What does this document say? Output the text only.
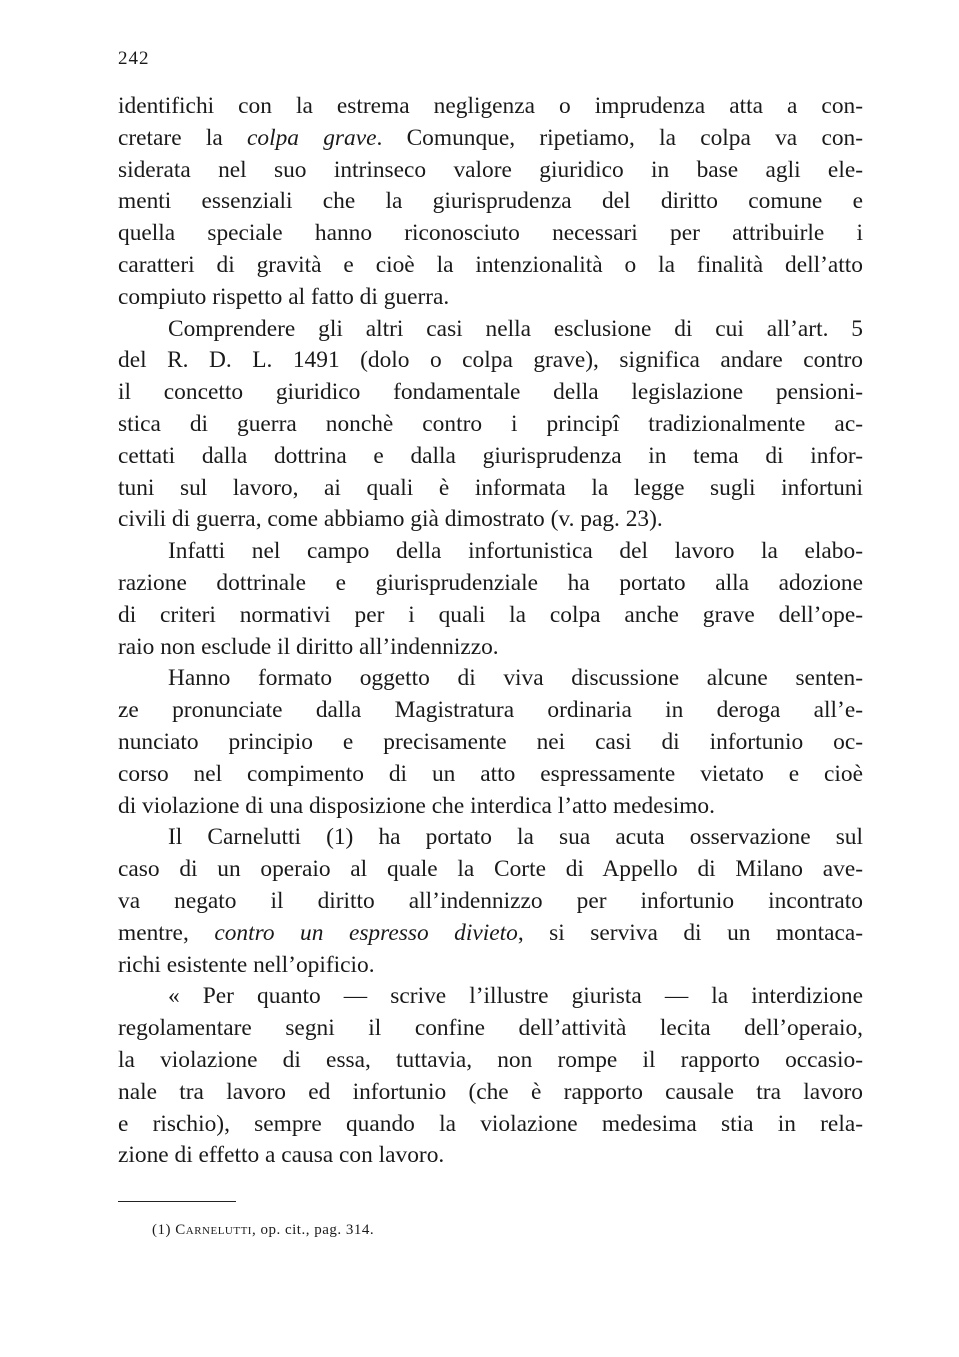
242
identifichi con la estrema negligenza o imprudenza atta a con-
cretare la colpa grave. Comunque, ripetiamo, la colpa va con-
siderata nel suo intrinseco valore giuridico in base agli ele-
menti essenziali che la giurisprudenza del diritto comune e
quella speciale hanno riconosciuto necessari per attribuirle i
caratteri di gravità e cioè la intenzionalità o la finalità dell’atto
compiuto rispetto al fatto di guerra.
Comprendere gli altri casi nella esclusione di cui all’art. 5
del R. D. L. 1491 (dolo o colpa grave), significa andare contro
il concetto giuridico fondamentale della legislazione pensioni-
stica di guerra nonchè contro i principî tradizionalmente ac-
cettati dalla dottrina e dalla giurisprudenza in tema di infor-
tuni sul lavoro, ai quali è informata la legge sugli infortuni
civili di guerra, come abbiamo già dimostrato (v. pag. 23).
Infatti nel campo della infortunistica del lavoro la elabo-
razione dottrinale e giurisprudenziale ha portato alla adozione
di criteri normativi per i quali la colpa anche grave dell’ope-
raio non esclude il diritto all’indennizzo.
Hanno formato oggetto di viva discussione alcune senten-
ze pronunciate dalla Magistratura ordinaria in deroga all’e-
nunciato principio e precisamente nei casi di infortunio oc-
corso nel compimento di un atto espressamente vietato e cioè
di violazione di una disposizione che interdica l’atto medesimo.
Il Carnelutti (1) ha portato la sua acuta osservazione sul
caso di un operaio al quale la Corte di Appello di Milano ave-
va negato il diritto all’indennizzo per infortunio incontrato
mentre, contro un espresso divieto, si serviva di un montaca-
richi esistente nell’opificio.
« Per quanto — scrive l’illustre giurista — la interdizione
regolamentare segni il confine dell’attività lecita dell’operaio,
la violazione di essa, tuttavia, non rompe il rapporto occasio-
nale tra lavoro ed infortunio (che è rapporto causale tra lavoro
e rischio), sempre quando la violazione medesima stia in rela-
zione di effetto a causa con lavoro.
(1) Carnelutti, op. cit., pag. 314.
